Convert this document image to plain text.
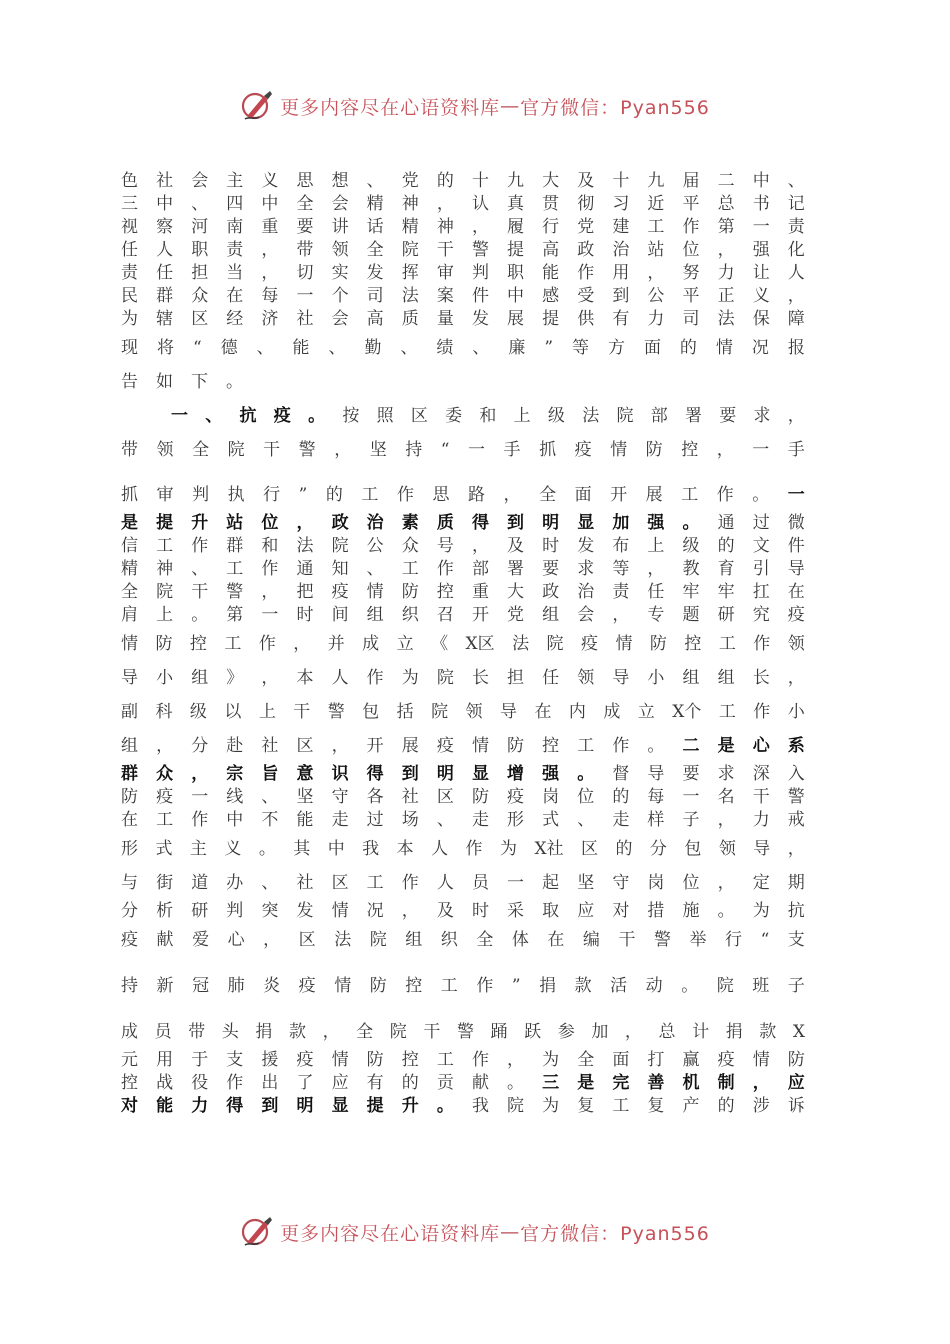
更多内容尽在心语资料库 — 官方微信：Pyan556
色 社 会 主 义 思 想 、 党 的 十 九 大 及 十 九 届 二 中 、
三 中 、 四 中 全 会 精 神 ， 认 真 贯 彻 习 近 平 总 书 记
视 察 河 南 重 要 讲 话 精 神 ， 履 行 党 建 工 作 第 一 责
任 人 职 责 ， 带 领 全 院 干 警 提 高 政 治 站 位 ， 强 化
责 任 担 当 ， 切 实 发 挥 审 判 职 能 作 用 ， 努 力 让 人
民 群 众 在 每 一 个 司 法 案 件 中 感 受 到 公 平 正 义 ，
为 辖 区 经 济 社 会 高 质 量 发 展 提 供 有 力 司 法 保 障
现 将 “ 德 、 能 、 勤 、 绩 、 廉 ” 等 方 面 的 情 况 报
告 如 下 。
一 、 抗 疫 。 按 照 区 委 和 上 级 法 院 部 署 要 求 ，
带 领 全 院 干 警 ， 坚 持 “ 一 手 抓 疫 情 防 控 ， 一 手
抓 审 判 执 行 ” 的 工 作 思 路 ， 全 面 开 展 工 作 。 一
是 提 升 站 位 ， 政 治 素 质 得 到 明 显 加 强 。 通 过 微
信 工 作 群 和 法 院 公 众 号 ， 及 时 发 布 上 级 的 文 件
精 神 、 工 作 通 知 、 工 作 部 署 要 求 等 ， 教 育 引 导
全 院 干 警 ， 把 疫 情 防 控 重 大 政 治 责 任 牢 牢 扛 在
肩 上 。 第 一 时 间 组 织 召 开 党 组 会 ， 专 题 研 究 疫
情 防 控 工 作 ， 并 成 立 《 X区 法 院 疫 情 防 控 工 作 领
导 小 组 》 ， 本 人 作 为 院 长 担 任 领 导 小 组 组 长 ，
副 科 级 以 上 干 警 包 括 院 领 导 在 内 成 立 X个 工 作 小
组 ， 分 赴 社 区 ， 开 展 疫 情 防 控 工 作 。 二 是 心 系
群 众 ， 宗 旨 意 识 得 到 明 显 增 强 。 督 导 要 求 深 入
防 疫 一 线 、 坚 守 各 社 区 防 疫 岗 位 的 每 一 名 干 警
在 工 作 中 不 能 走 过 场 、 走 形 式 、 走 样 子 ， 力 戒
形 式 主 义 。 其 中 我 本 人 作 为 X社 区 的 分 包 领 导 ，
与 街 道 办 、 社 区 工 作 人 员 一 起 坚 守 岗 位 ， 定 期
分 析 研 判 突 发 情 况 ， 及 时 采 取 应 对 措 施 。 为 抗
疫 献 爱 心 ， 区 法 院 组 织 全 体 在 编 干 警 举 行 “ 支
持 新 冠 肺 炎 疫 情 防 控 工 作 ” 捐 款 活 动 。 院 班 子
成 员 带 头 捐 款 ， 全 院 干 警 踊 跃 参 加 ， 总 计 捐 款 X
元 用 于 支 援 疫 情 防 控 工 作 ， 为 全 面 打 赢 疫 情 防
控 战 役 作 出 了 应 有 的 贡 献 。 三 是 完 善 机 制 ， 应
对 能 力 得 到 明 显 提 升 。 我 院 为 复 工 复 产 的 涉 诉
更多内容尽在心语资料库 — 官方微信：Pyan556
